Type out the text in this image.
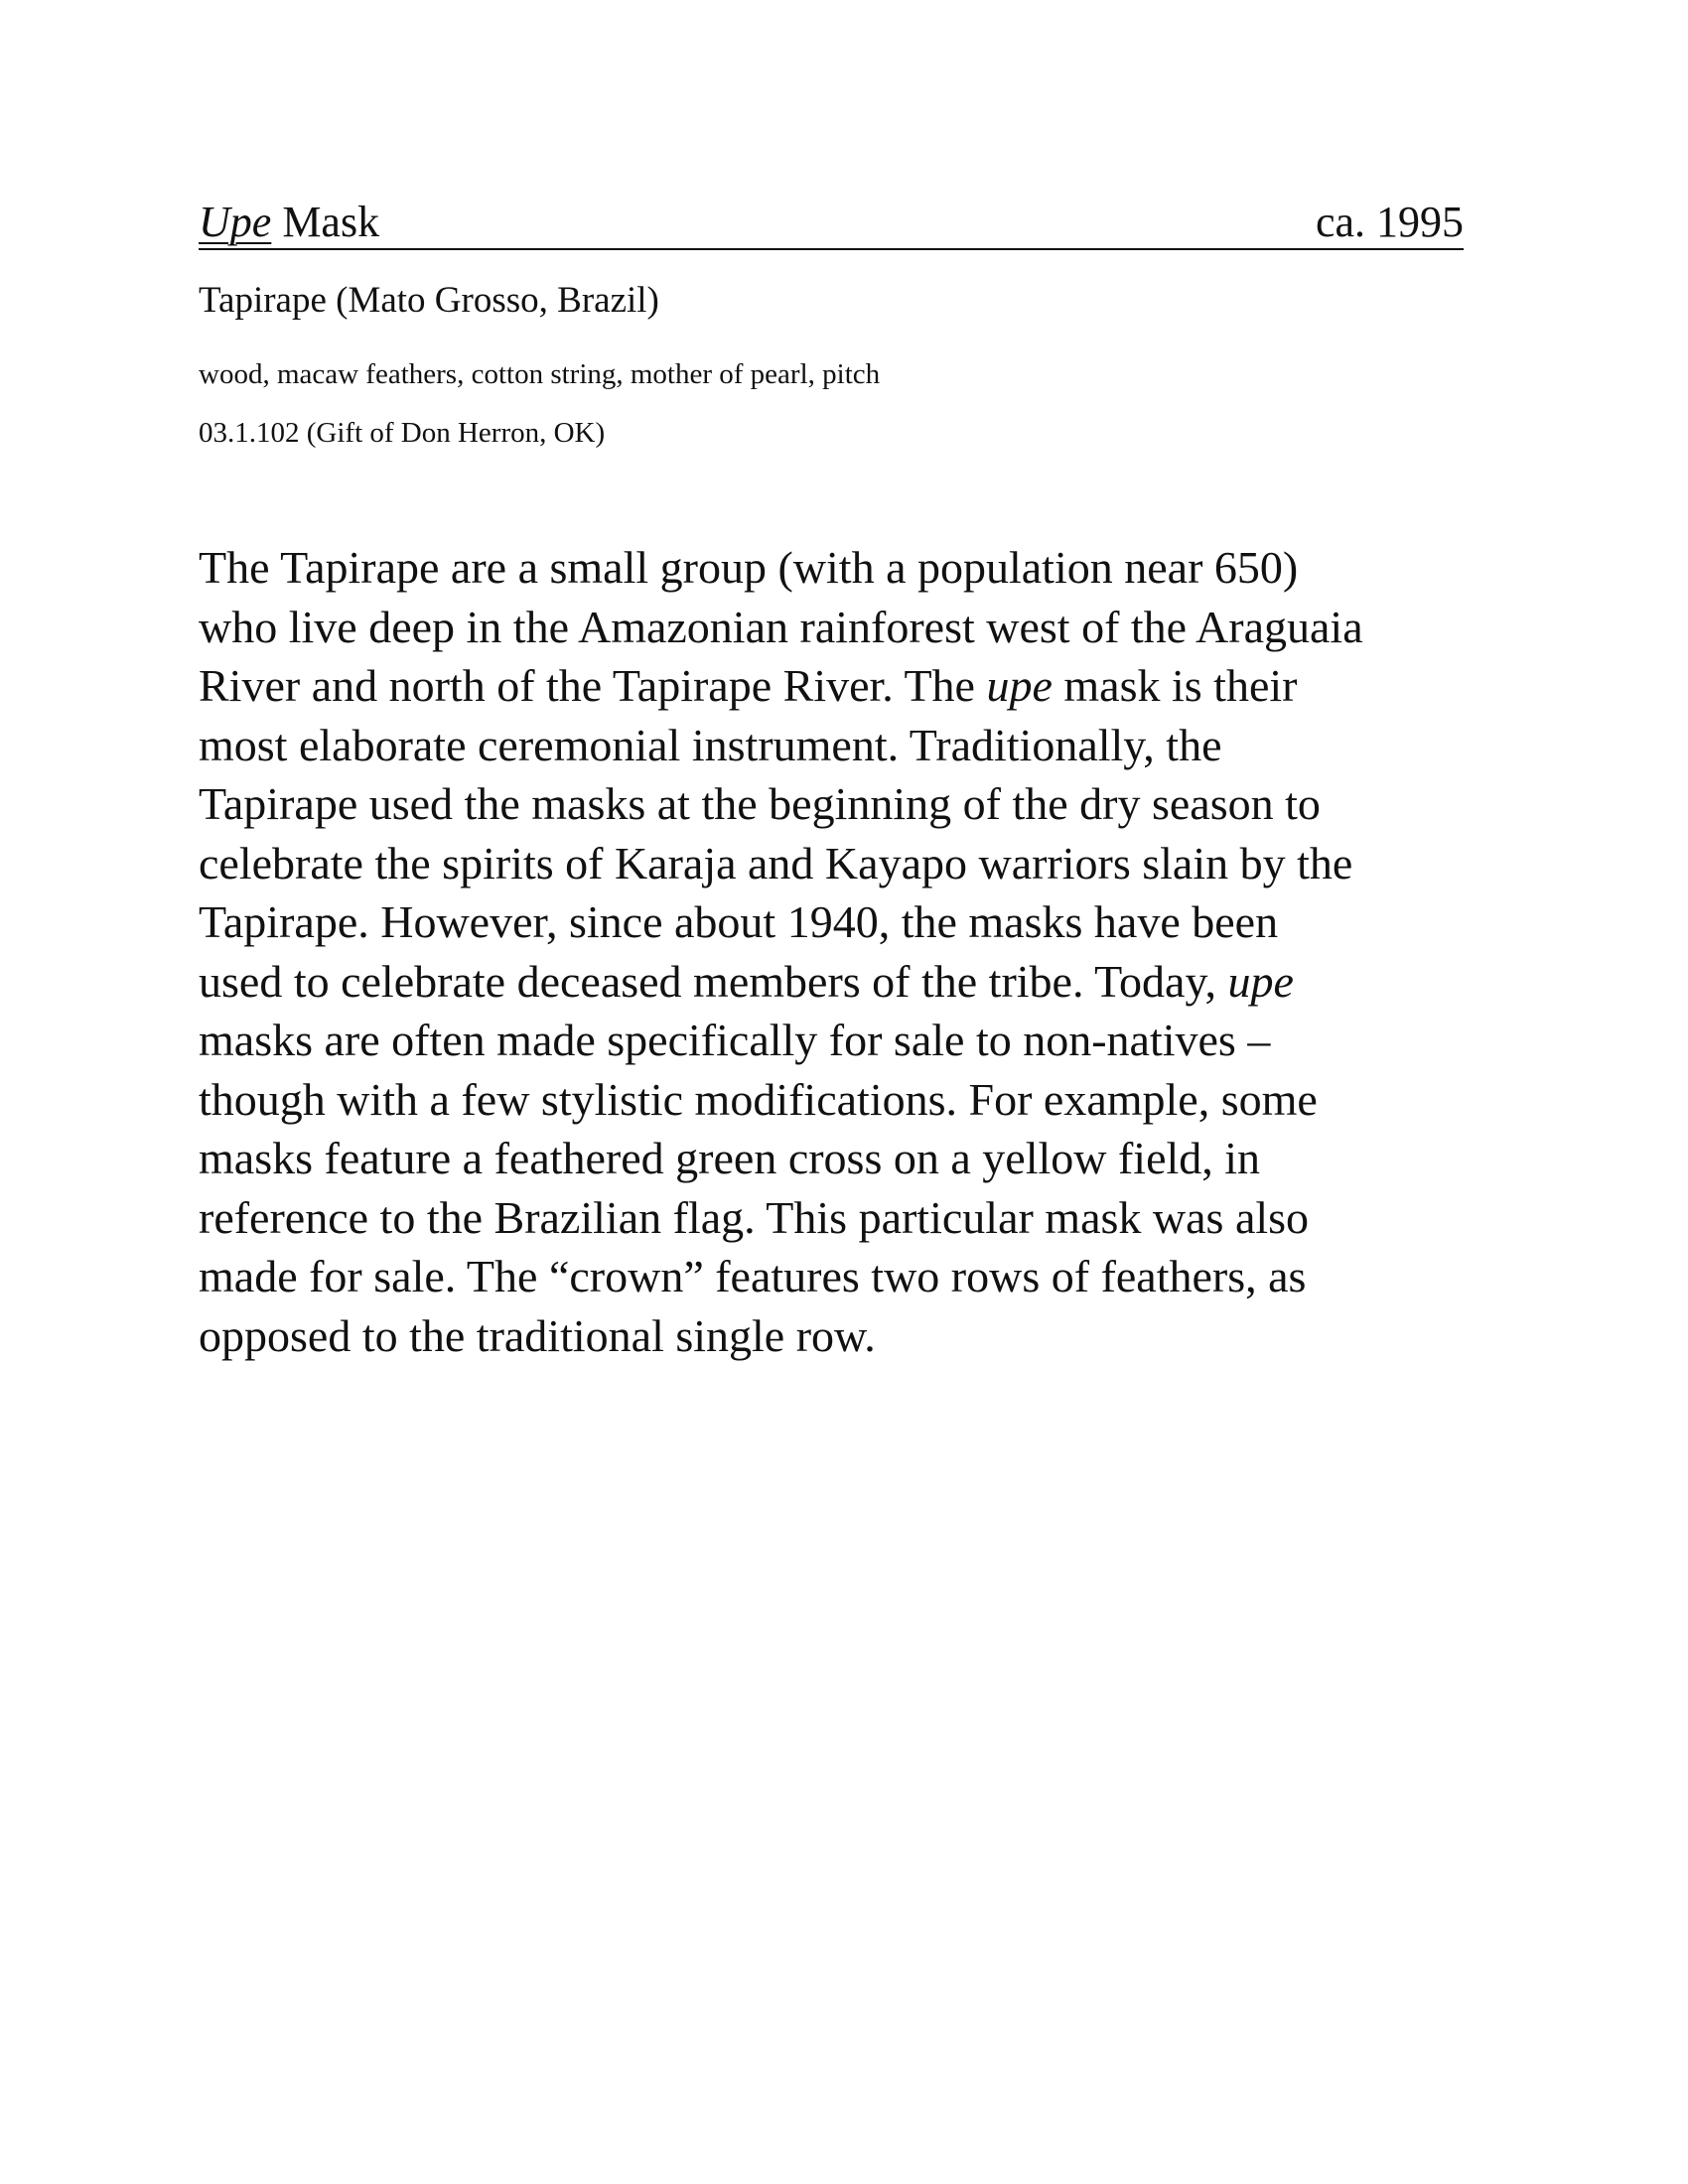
Upe Mask	ca. 1995
Tapirape (Mato Grosso, Brazil)
wood, macaw feathers, cotton string, mother of pearl, pitch
03.1.102 (Gift of Don Herron, OK)

The Tapirape are a small group (with a population near 650)
who live deep in the Amazonian rainforest west of the Araguaia
River and north of the Tapirape River. The upe mask is their
most elaborate ceremonial instrument. Traditionally, the
Tapirape used the masks at the beginning of the dry season to
celebrate the spirits of Karaja and Kayapo warriors slain by the
Tapirape. However, since about 1940, the masks have been
used to celebrate deceased members of the tribe. Today, upe
masks are often made specifically for sale to non-natives –
though with a few stylistic modifications. For example, some
masks feature a feathered green cross on a yellow field, in
reference to the Brazilian flag. This particular mask was also
made for sale. The “crown” features two rows of feathers, as
opposed to the traditional single row.
